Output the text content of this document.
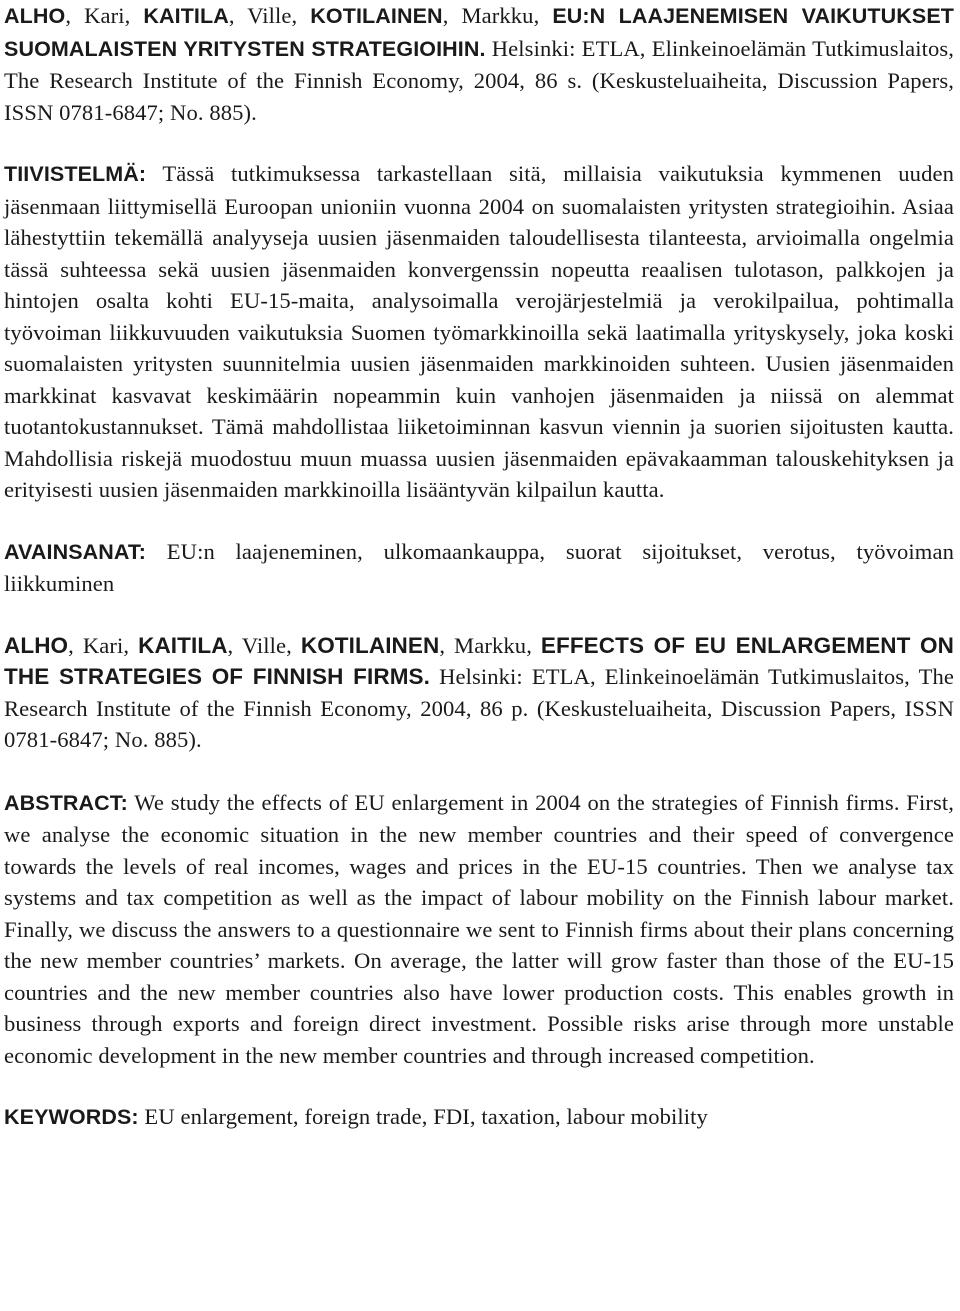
ALHO, Kari, KAITILA, Ville, KOTILAINEN, Markku, EU:N LAAJENEMISEN VAIKUTUKSET SUOMALAISTEN YRITYSTEN STRATEGIOIHIN. Helsinki: ETLA, Elinkeinoelämän Tutkimuslaitos, The Research Institute of the Finnish Economy, 2004, 86 s. (Keskusteluaiheita, Discussion Papers, ISSN 0781-6847; No. 885).

TIIVISTELMÄ: Tässä tutkimuksessa tarkastellaan sitä, millaisia vaikutuksia kymmenen uuden jäsenmaan liittymisellä Euroopan unioniin vuonna 2004 on suomalaisten yritysten strategioihin. Asiaa lähestyttiin tekemällä analyyseja uusien jäsenmaiden taloudellisesta tilanteesta, arvioimalla ongelmia tässä suhteessa sekä uusien jäsenmaiden konvergenssin nopeutta reaalisen tulotason, palkkojen ja hintojen osalta kohti EU-15-maita, analysoimalla verojärjestelmiä ja verokilpailua, pohtimalla työvoiman liikkuvuuden vaikutuksia Suomen työmarkkinoilla sekä laatimalla yrityskysely, joka koski suomalaisten yritysten suunnitelmia uusien jäsenmaiden markkinoiden suhteen. Uusien jäsenmaiden markkinat kasvavat keskimäärin nopeammin kuin vanhojen jäsenmaiden ja niissä on alemmat tuotantokustannukset. Tämä mahdollistaa liiketoiminnan kasvun viennin ja suorien sijoitusten kautta. Mahdollisia riskejä muodostuu muun muassa uusien jäsenmaiden epävakaamman talouskehityksen ja erityisesti uusien jäsenmaiden markkinoilla lisääntyvän kilpailun kautta.

AVAINSANAT: EU:n laajeneminen, ulkomaankauppa, suorat sijoitukset, verotus, työvoiman liikkuminen

ALHO, Kari, KAITILA, Ville, KOTILAINEN, Markku, EFFECTS OF EU ENLARGEMENT ON THE STRATEGIES OF FINNISH FIRMS. Helsinki: ETLA, Elinkeinoelämän Tutkimuslaitos, The Research Institute of the Finnish Economy, 2004, 86 p. (Keskusteluaiheita, Discussion Papers, ISSN 0781-6847; No. 885).

ABSTRACT: We study the effects of EU enlargement in 2004 on the strategies of Finnish firms. First, we analyse the economic situation in the new member countries and their speed of convergence towards the levels of real incomes, wages and prices in the EU-15 countries. Then we analyse tax systems and tax competition as well as the impact of labour mobility on the Finnish labour market. Finally, we discuss the answers to a questionnaire we sent to Finnish firms about their plans concerning the new member countries’ markets. On average, the latter will grow faster than those of the EU-15 countries and the new member countries also have lower production costs. This enables growth in business through exports and foreign direct investment. Possible risks arise through more unstable economic development in the new member countries and through increased competition.

KEYWORDS: EU enlargement, foreign trade, FDI, taxation, labour mobility
